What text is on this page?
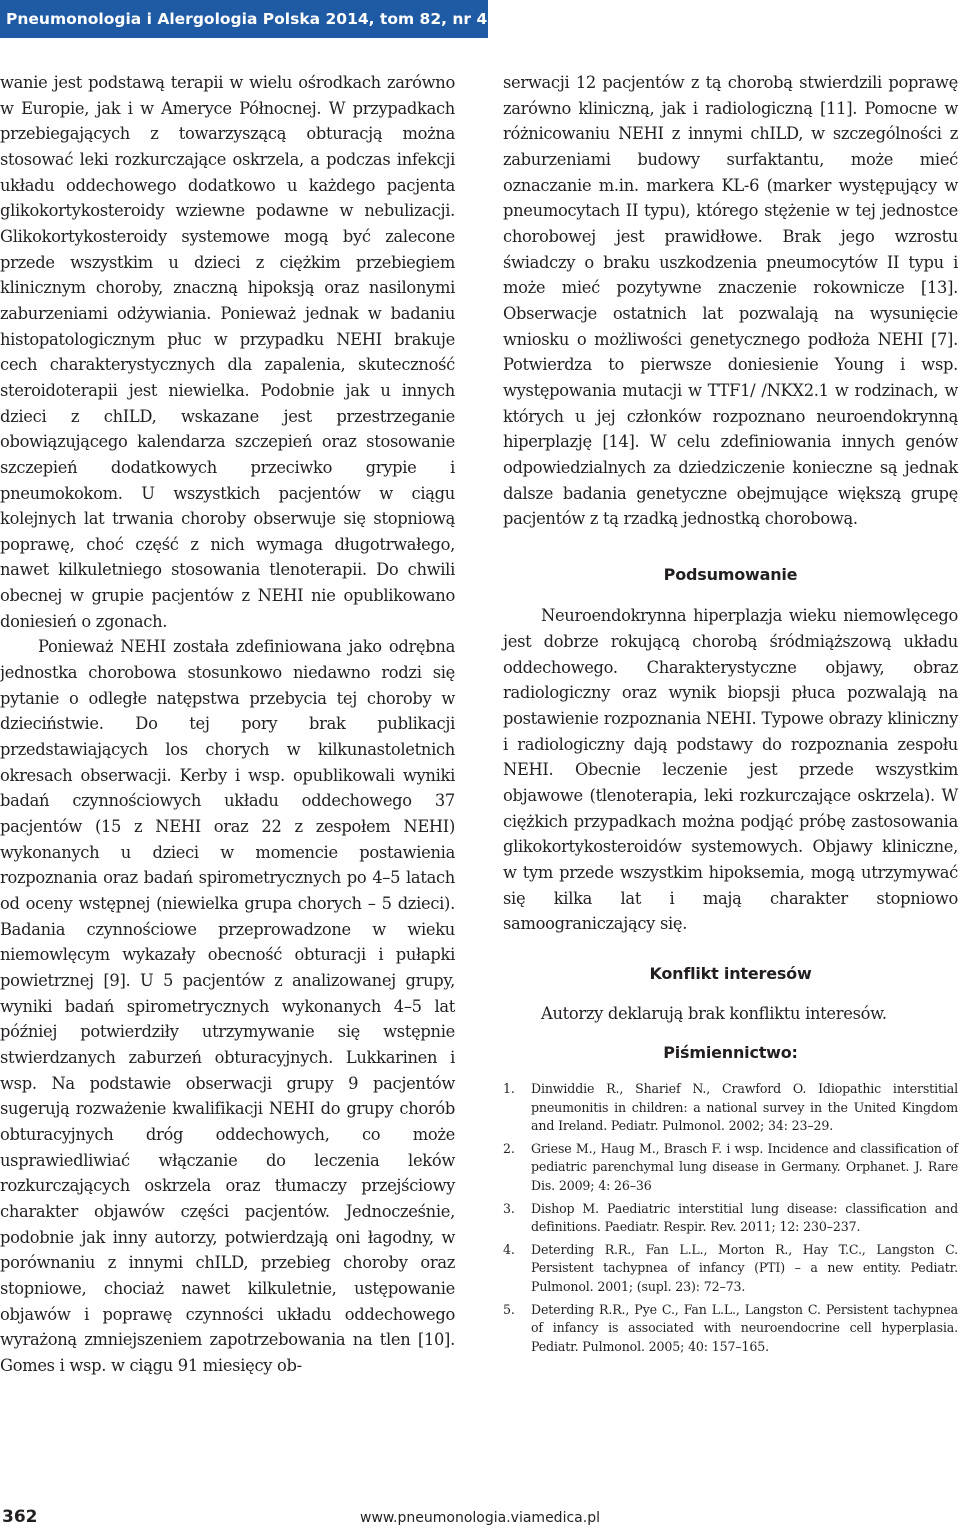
Pneumonologia i Alergologia Polska 2014, tom 82, nr 4, strony 358–363

wanie jest podstawą terapii w wielu ośrodkach zarówno w Europie, jak i w Ameryce Północnej. W przypadkach przebiegających z towarzyszącą obturacją można stosować leki rozkurczające oskrzela, a podczas infekcji układu oddechowego dodatkowo u każdego pacjenta glikokortykosteroidy wziewne podawne w nebulizacji. Glikokortykosteroidy systemowe mogą być zalecone przede wszystkim u dzieci z ciężkim przebiegiem klinicznym choroby, znaczną hipoksją oraz nasilonymi zaburzeniami odżywiania. Ponieważ jednak w badaniu histopatologicznym płuc w przypadku NEHI brakuje cech charakterystycznych dla zapalenia, skuteczność steroidoterapii jest niewielka. Podobnie jak u innych dzieci z chILD, wskazane jest przestrzeganie obowiązującego kalendarza szczepień oraz stosowanie szczepień dodatkowych przeciwko grypie i pneumokokom. U wszystkich pacjentów w ciągu kolejnych lat trwania choroby obserwuje się stopniową poprawę, choć część z nich wymaga długotrwałego, nawet kilkuletniego stosowania tlenoterapii. Do chwili obecnej w grupie pacjentów z NEHI nie opublikowano doniesień o zgonach.

Ponieważ NEHI została zdefiniowana jako odrębna jednostka chorobowa stosunkowo niedawno rodzi się pytanie o odległe natępstwa przebycia tej choroby w dzieciństwie. Do tej pory brak publikacji przedstawiających los chorych w kilkunastoletnich okresach obserwacji. Kerby i wsp. opublikowali wyniki badań czynnościowych układu oddechowego 37 pacjentów (15 z NEHI oraz 22 z zespołem NEHI) wykonanych u dzieci w momencie postawienia rozpoznania oraz badań spirometrycznych po 4–5 latach od oceny wstępnej (niewielka grupa chorych – 5 dzieci). Badania czynnościowe przeprowadzone w wieku niemowlęcym wykazały obecność obturacji i pułapki powietrznej [9]. U 5 pacjentów z analizowanej grupy, wyniki badań spirometrycznych wykonanych 4–5 lat później potwierdziły utrzymywanie się wstępnie stwierdzanych zaburzeń obturacyjnych. Lukkarinen i wsp. Na podstawie obserwacji grupy 9 pacjentów sugerują rozważenie kwalifikacji NEHI do grupy chorób obturacyjnych dróg oddechowych, co może usprawiedliwiać włączanie do leczenia leków rozkurczających oskrzela oraz tłumaczy przejściowy charakter objawów części pacjentów. Jednocześnie, podobnie jak inny autorzy, potwierdzają oni łagodny, w porównaniu z innymi chILD, przebieg choroby oraz stopniowe, chociaż nawet kilkuletnie, ustępowanie objawów i poprawę czynności układu oddechowego wyrażoną zmniejszeniem zapotrzebowania na tlen [10]. Gomes i wsp. w ciągu 91 miesięcy ob-

serwacji 12 pacjentów z tą chorobą stwierdzili poprawę zarówno kliniczną, jak i radiologiczną [11]. Pomocne w różnicowaniu NEHI z innymi chILD, w szczególności z zaburzeniami budowy surfaktantu, może mieć oznaczanie m.in. markera KL-6 (marker występujący w pneumocytach II typu), którego stężenie w tej jednostce chorobowej jest prawidłowe. Brak jego wzrostu świadczy o braku uszkodzenia pneumocytów II typu i może mieć pozytywne znaczenie rokownicze [13]. Obserwacje ostatnich lat pozwalają na wysunięcie wniosku o możliwości genetycznego podłoża NEHI [7]. Potwierdza to pierwsze doniesienie Young i wsp. występowania mutacji w TTF1/ /NKX2.1 w rodzinach, w których u jej członków rozpoznano neuroendokrynną hiperplazję [14]. W celu zdefiniowania innych genów odpowiedzialnych za dziedziczenie konieczne są jednak dalsze badania genetyczne obejmujące większą grupę pacjentów z tą rzadką jednostką chorobową.

Podsumowanie

Neuroendokrynna hiperplazja wieku niemowlęcego jest dobrze rokującą chorobą śródmiąższową układu oddechowego. Charakterystyczne objawy, obraz radiologiczny oraz wynik biopsji płuca pozwalają na postawienie rozpoznania NEHI. Typowe obrazy kliniczny i radiologiczny dają podstawy do rozpoznania zespołu NEHI. Obecnie leczenie jest przede wszystkim objawowe (tlenoterapia, leki rozkurczające oskrzela). W ciężkich przypadkach można podjąć próbę zastosowania glikokortykosteroidów systemowych. Objawy kliniczne, w tym przede wszystkim hipoksemia, mogą utrzymywać się kilka lat i mają charakter stopniowo samoograniczający się.

Konflikt interesów

Autorzy deklarują brak konfliktu interesów.

Piśmiennictwo:
1. Dinwiddie R., Sharief N., Crawford O. Idiopathic interstitial pneumonitis in children: a national survey in the United Kingdom and Ireland. Pediatr. Pulmonol. 2002; 34: 23–29.
2. Griese M., Haug M., Brasch F. i wsp. Incidence and classification of pediatric parenchymal lung disease in Germany. Orphanet. J. Rare Dis. 2009; 4: 26–36
3. Dishop M. Paediatric interstitial lung disease: classification and definitions. Paediatr. Respir. Rev. 2011; 12: 230–237.
4. Deterding R.R., Fan L.L., Morton R., Hay T.C., Langston C. Persistent tachypnea of infancy (PTI) – a new entity. Pediatr. Pulmonol. 2001; (supl. 23): 72–73.
5. Deterding R.R., Pye C., Fan L.L., Langston C. Persistent tachypnea of infancy is associated with neuroendocrine cell hyperplasia. Pediatr. Pulmonol. 2005; 40: 157–165.
362	www.pneumonologia.viamedica.pl
